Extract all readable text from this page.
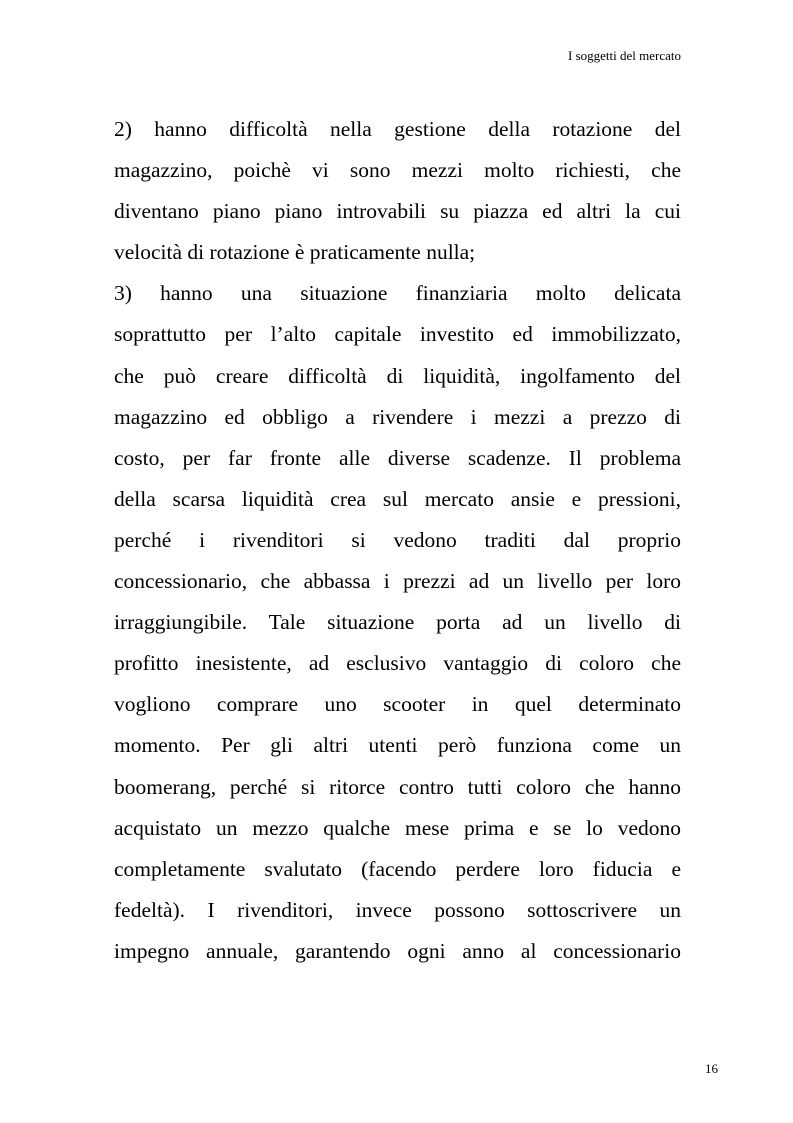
I soggetti del mercato
2) hanno difficoltà nella gestione della rotazione del
magazzino, poichè vi sono mezzi molto richiesti, che
diventano piano piano introvabili su piazza ed altri la cui
velocità di rotazione è praticamente nulla;
3) hanno una situazione finanziaria molto delicata
soprattutto per l’alto capitale investito ed immobilizzato,
che può creare difficoltà di liquidità, ingolfamento del
magazzino ed obbligo a rivendere i mezzi a prezzo di
costo, per far fronte alle diverse scadenze. Il problema
della scarsa liquidità crea sul mercato ansie e pressioni,
perché i rivenditori si vedono traditi dal proprio
concessionario, che abbassa i prezzi ad un livello per loro
irraggiungibile. Tale situazione porta ad un livello di
profitto inesistente, ad esclusivo vantaggio di coloro che
vogliono comprare uno scooter in quel determinato
momento. Per gli altri utenti però funziona come un
boomerang, perché si ritorce contro tutti coloro che hanno
acquistato un mezzo qualche mese prima e se lo vedono
completamente svalutato (facendo perdere loro fiducia e
fedeltà). I rivenditori, invece possono sottoscrivere un
impegno annuale, garantendo ogni anno al concessionario
16
